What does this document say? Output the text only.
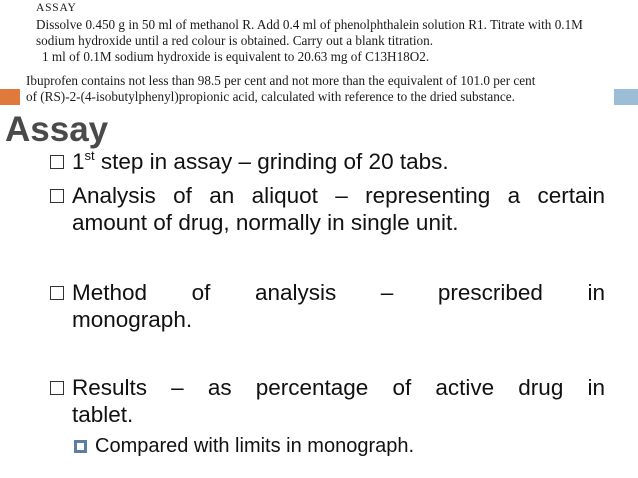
ASSAY
Dissolve 0.450 g in 50 ml of methanol R. Add 0.4 ml of phenolphthalein solution R1. Titrate with 0.1M
sodium hydroxide until a red colour is obtained. Carry out a blank titration.
1 ml of 0.1M sodium hydroxide is equivalent to 20.63 mg of C13H18O2.
Ibuprofen contains not less than 98.5 per cent and not more than the equivalent of 101.0 per cent
of (RS)-2-(4-isobutylphenyl)propionic acid, calculated with reference to the dried substance.
Assay
1st step in assay – grinding of 20 tabs.
Analysis of an aliquot – representing a certain
amount of drug, normally in single unit.
Method of analysis – prescribed in
monograph.
Results – as percentage of active drug in
tablet.
Compared with limits in monograph.
